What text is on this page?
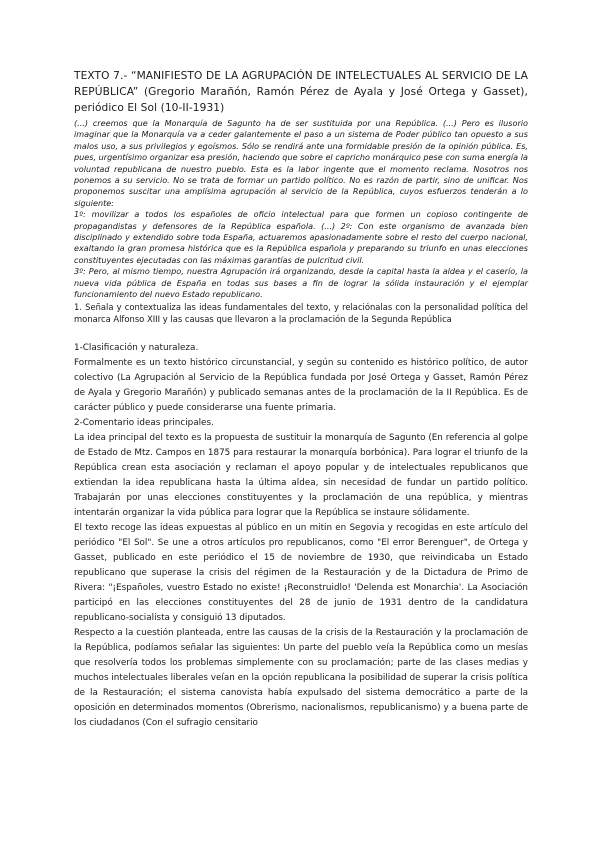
TEXTO 7.- “MANIFIESTO DE LA AGRUPACIÓN DE INTELECTUALES AL SERVICIO DE LA REPÚBLICA” (Gregorio Marañón, Ramón Pérez de Ayala y José Ortega y Gasset), periódico El Sol (10-II-1931)

(...) creemos que la Monarquía de Sagunto ha de ser sustituida por una República. (...) Pero es ilusorio imaginar que la Monarquía va a ceder galantemente el paso a un sistema de Poder público tan opuesto a sus malos uso, a sus privilegios y egoísmos. Sólo se rendirá ante una formidable presión de la opinión pública. Es, pues, urgentísimo organizar esa presión, haciendo que sobre el capricho monárquico pese con suma energía la voluntad republicana de nuestro pueblo. Esta es la labor ingente que el momento reclama. Nosotros nos ponemos a su servicio. No se trata de formar un partido político. No es razón de partir, sino de unificar. Nos proponemos suscitar una amplísima agrupación al servicio de la República, cuyos esfuerzos tenderán a lo siguiente:

1º: movilizar a todos los españoles de oficio intelectual para que formen un copioso contingente de propagandistas y defensores de la República española. (...) 2º: Con este organismo de avanzada bien disciplinado y extendido sobre toda España, actuaremos apasionadamente sobre el resto del cuerpo nacional, exaltando la gran promesa histórica que es la República española y preparando su triunfo en unas elecciones constituyentes ejecutadas con las máximas garantías de pulcritud civil.

3º: Pero, al mismo tiempo, nuestra Agrupación irá organizando, desde la capital hasta la aldea y el caserío, la nueva vida pública de España en todas sus bases a fin de lograr la sólida instauración y el ejemplar funcionamiento del nuevo Estado republicano.

1. Señala y contextualiza las ideas fundamentales del texto, y relaciónalas con la personalidad política del monarca Alfonso XIII y las causas que llevaron a la proclamación de la Segunda República

1-Clasificación y naturaleza.

Formalmente es un texto histórico circunstancial, y según su contenido es histórico político, de autor colectivo (La Agrupación al Servicio de la República fundada por José Ortega y Gasset, Ramón Pérez de Ayala y Gregorio Marañón) y publicado semanas antes de la proclamación de la II República. Es de carácter público y puede considerarse una fuente primaria.

2-Comentario ideas principales.

La idea principal del texto es la propuesta de sustituir la monarquía de Sagunto (En referencia al golpe de Estado de Mtz. Campos en 1875 para restaurar la monarquía borbónica). Para lograr el triunfo de la República crean esta asociación y reclaman el apoyo popular y de intelectuales republicanos que extiendan la idea republicana hasta la última aldea, sin necesidad de fundar un partido político. Trabajarán por unas elecciones constituyentes y la proclamación de una república, y mientras intentarán organizar la vida pública para lograr que la República se instaure sólidamente.

El texto recoge las ideas expuestas al público en un mitin en Segovia y recogidas en este artículo del periódico "El Sol". Se une a otros artículos pro republicanos, como "El error Berenguer", de Ortega y Gasset, publicado en este periódico el 15 de noviembre de 1930, que reivindicaba un Estado republicano que superase la crisis del régimen de la Restauración y de la Dictadura de Primo de Rivera: "¡Españoles, vuestro Estado no existe! ¡Reconstruidlo! 'Delenda est Monarchia'. La Asociación participó en las elecciones constituyentes del 28 de junio de 1931 dentro de la candidatura republicano-socialista y consiguió 13 diputados.

Respecto a la cuestión planteada, entre las causas de la crisis de la Restauración y la proclamación de la República, podíamos señalar las siguientes: Un parte del pueblo veía la República como un mesías que resolvería todos los problemas simplemente con su proclamación; parte de las clases medias y muchos intelectuales liberales veían en la opción republicana la posibilidad de superar la crisis política de la Restauración; el sistema canovista había expulsado del sistema democrático a parte de la oposición en determinados momentos (Obrerismo, nacionalismos, republicanismo) y a buena parte de los ciudadanos (Con el sufragio censitario
